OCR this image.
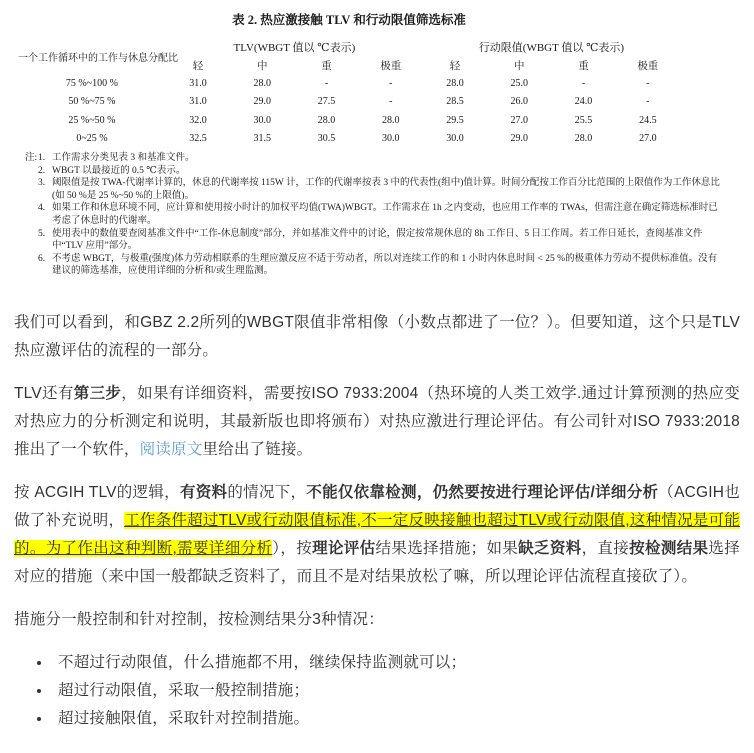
表 2. 热应激接触 TLV 和行动限值筛选标准
一个工作循环中的工作与休息分配比	TLV(WBGT 值以 ℃表示)				行动限值(WBGT 值以 ℃表示)			
	轻	中	重	极重	轻	中	重	极重
75 %~100 %	31.0	28.0	-	-	28.0	25.0	-	-
50 %~75 %	31.0	29.0	27.5	-	28.5	26.0	24.0	-
25 %~50 %	32.0	30.0	28.0	28.0	29.5	27.0	25.5	24.5
0~25 %	32.5	31.5	30.5	30.0	30.0	29.0	28.0	27.0
注: 1. 工作需求分类见表 3 和基准文件。
2. WBGT 以最接近的 0.5 ℃表示。
3. 阈限值是按 TWA-代谢率计算的，休息的代谢率按 115W 计，工作的代谢率按表 3 中的代表性(组中)值计算。时间分配按工作百分比范围的上限值作为工作休息比(如 50 %是 25 %~50 %的上限值)。
4. 如果工作和休息环境不同，应计算和使用按小时计的加权平均值(TWA)WBGT。工作需求在 1h 之内变动，也应用工作率的 TWAs，但需注意在确定筛选标准时已考虑了休息时的代谢率。
5. 使用表中的数值要查阅基准文件中“工作-休息制度”部分，并如基准文件中的讨论，假定按常规休息的 8h 工作日、5 日工作周。若工作日延长，查阅基准文件中“TLV 应用”部分。
6. 不考虑 WBGT，与极重(强度)体力劳动相联系的生理应激反应不适于劳动者，所以对连续工作的和 1 小时内休息时间 < 25 %的极重体力劳动不提供标准值。没有建议的筛选基准，应使用详细的分析和/或生理监测。

我们可以看到，和GBZ 2.2所列的WBGT限值非常相像（小数点都进了一位？）。但要知道，这个只是TLV热应激评估的流程的一部分。

TLV还有第三步，如果有详细资料，需要按ISO 7933:2004（热环境的人类工效学.通过计算预测的热应变对热应力的分析测定和说明，其最新版也即将颁布）对热应激进行理论评估。有公司针对ISO 7933:2018推出了一个软件，阅读原文里给出了链接。

按 ACGIH TLV的逻辑，有资料的情况下，不能仅依靠检测，仍然要按进行理论评估/详细分析（ACGIH也做了补充说明，工作条件超过TLV或行动限值标准,不一定反映接触也超过TLV或行动限值,这种情况是可能的。为了作出这种判断,需要详细分析），按理论评估结果选择措施；如果缺乏资料，直接按检测结果选择对应的措施（来中国一般都缺乏资料了，而且不是对结果放松了嘛，所以理论评估流程直接砍了）。

措施分一般控制和针对控制，按检测结果分3种情况：

• 不超过行动限值，什么措施都不用，继续保持监测就可以；
• 超过行动限值，采取一般控制措施；
• 超过接触限值，采取针对控制措施。
